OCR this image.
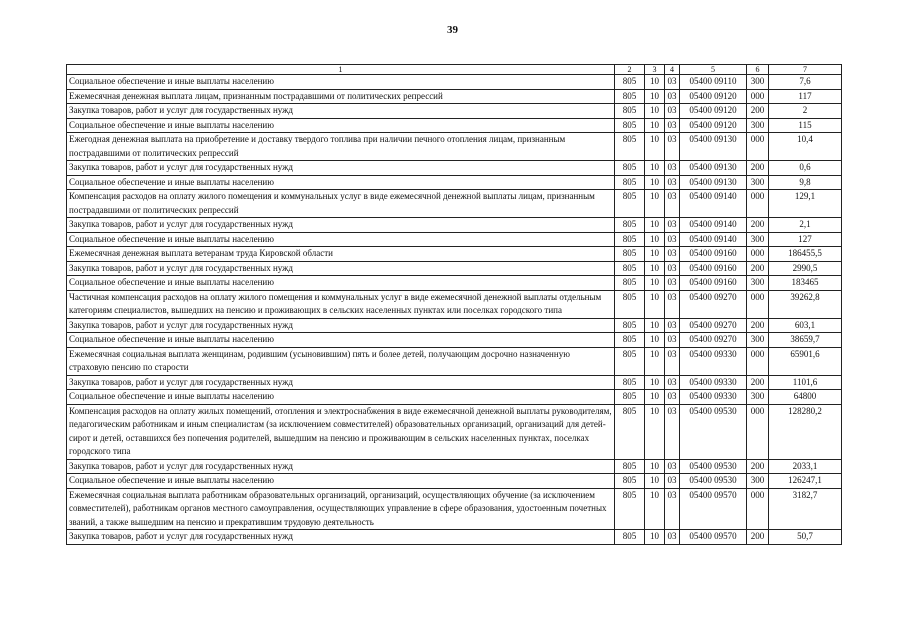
39
1	2	3	4	5	6	7
Социальное обеспечение и иные выплаты населению	805	10	03	05400 09110	300	7,6
Ежемесячная денежная выплата лицам, признанным пострадавшими от политических репрессий	805	10	03	05400 09120	000	117
Закупка товаров, работ и услуг для государственных нужд	805	10	03	05400 09120	200	2
Социальное обеспечение и иные выплаты населению	805	10	03	05400 09120	300	115
Ежегодная денежная выплата на приобретение и доставку твердого топлива при наличии печного отопления лицам, признанным пострадавшими от политических репрессий	805	10	03	05400 09130	000	10,4
Закупка товаров, работ и услуг для государственных нужд	805	10	03	05400 09130	200	0,6
Социальное обеспечение и иные выплаты населению	805	10	03	05400 09130	300	9,8
Компенсация расходов на оплату жилого помещения и коммунальных услуг в виде ежемесячной денежной выплаты лицам, признанным пострадавшими от политических репрессий	805	10	03	05400 09140	000	129,1
Закупка товаров, работ и услуг для государственных нужд	805	10	03	05400 09140	200	2,1
Социальное обеспечение и иные выплаты населению	805	10	03	05400 09140	300	127
Ежемесячная денежная выплата ветеранам труда Кировской области	805	10	03	05400 09160	000	186455,5
Закупка товаров, работ и услуг для государственных нужд	805	10	03	05400 09160	200	2990,5
Социальное обеспечение и иные выплаты населению	805	10	03	05400 09160	300	183465
Частичная компенсация расходов на оплату жилого помещения и коммунальных услуг в виде ежемесячной денежной выплаты отдельным категориям специалистов, вышедших на пенсию и проживающих в сельских населенных пунктах или поселках городского типа	805	10	03	05400 09270	000	39262,8
Закупка товаров, работ и услуг для государственных нужд	805	10	03	05400 09270	200	603,1
Социальное обеспечение и иные выплаты населению	805	10	03	05400 09270	300	38659,7
Ежемесячная социальная выплата женщинам, родившим (усыновившим) пять и более детей, получающим досрочно назначенную страховую пенсию по старости	805	10	03	05400 09330	000	65901,6
Закупка товаров, работ и услуг для государственных нужд	805	10	03	05400 09330	200	1101,6
Социальное обеспечение и иные выплаты населению	805	10	03	05400 09330	300	64800
Компенсация расходов на оплату жилых помещений, отопления и электроснабжения в виде ежемесячной денежной выплаты руководителям, педагогическим работникам и иным специалистам (за исключением совместителей) образовательных организаций, организаций для детей-сирот и детей, оставшихся без попечения родителей, вышедшим на пенсию и проживающим в сельских населенных пунктах, поселках городского типа	805	10	03	05400 09530	000	128280,2
Закупка товаров, работ и услуг для государственных нужд	805	10	03	05400 09530	200	2033,1
Социальное обеспечение и иные выплаты населению	805	10	03	05400 09530	300	126247,1
Ежемесячная социальная выплата работникам образовательных организаций, организаций, осуществляющих обучение (за исключением совместителей), работникам органов местного самоуправления, осуществляющих управление в сфере образования, удостоенным почетных званий, а также вышедшим на пенсию и прекратившим трудовую деятельность	805	10	03	05400 09570	000	3182,7
Закупка товаров, работ и услуг для государственных нужд	805	10	03	05400 09570	200	50,7
